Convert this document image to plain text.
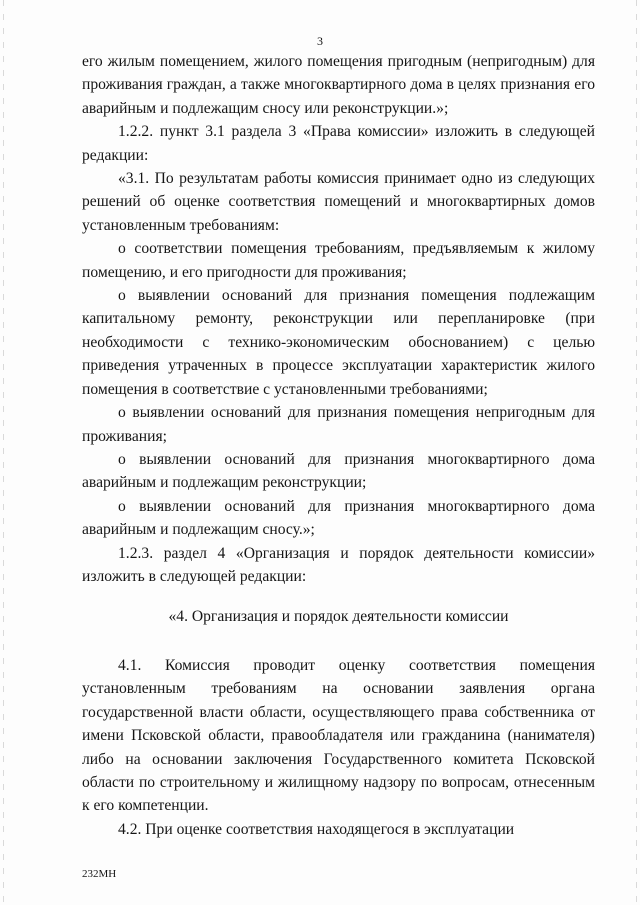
3

его жилым помещением, жилого помещения пригодным (непригодным) для проживания граждан, а также многоквартирного дома в целях признания его аварийным и подлежащим сносу или реконструкции.»;

1.2.2. пункт 3.1 раздела 3 «Права комиссии» изложить в следующей редакции:

«3.1. По результатам работы комиссия принимает одно из следующих решений об оценке соответствия помещений и многоквартирных домов установленным требованиям:

о соответствии помещения требованиям, предъявляемым к жилому помещению, и его пригодности для проживания;

о выявлении оснований для признания помещения подлежащим капитальному ремонту, реконструкции или перепланировке (при необходимости с технико-экономическим обоснованием) с целью приведения утраченных в процессе эксплуатации характеристик жилого помещения в соответствие с установленными требованиями;

о выявлении оснований для признания помещения непригодным для проживания;

о выявлении оснований для признания многоквартирного дома аварийным и подлежащим реконструкции;

о выявлении оснований для признания многоквартирного дома аварийным и подлежащим сносу.»;

1.2.3. раздел 4 «Организация и порядок деятельности комиссии» изложить в следующей редакции:

«4. Организация и порядок деятельности комиссии

4.1. Комиссия проводит оценку соответствия помещения установленным требованиям на основании заявления органа государственной власти области, осуществляющего права собственника от имени Псковской области, правообладателя или гражданина (нанимателя) либо на основании заключения Государственного комитета Псковской области по строительному и жилищному надзору по вопросам, отнесенным к его компетенции.

4.2. При оценке соответствия находящегося в эксплуатации

232МН
